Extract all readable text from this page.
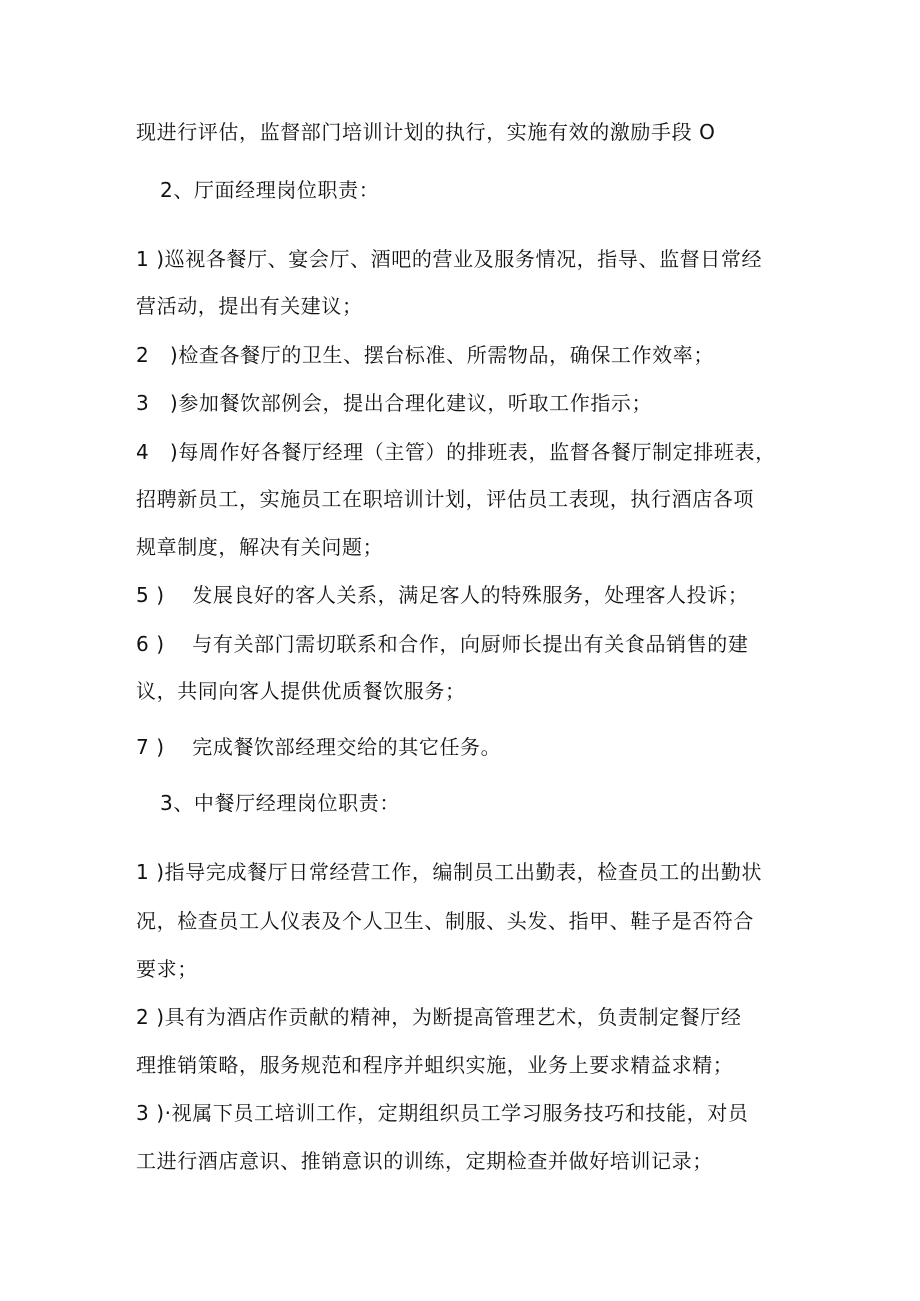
现进行评估，监督部门培训计划的执行，实施有效的激励手段 O
2、厅面经理岗位职责：
1 )巡视各餐厅、宴会厅、酒吧的营业及服务情况，指导、监督日常经
营活动，提出有关建议；
2　)检查各餐厅的卫生、摆台标准、所需物品，确保工作效率；
3　)参加餐饮部例会，提出合理化建议，听取工作指示；
4　)每周作好各餐厅经理（主管）的排班表，监督各餐厅制定排班表，
招聘新员工，实施员工在职培训计划，评估员工表现，执行酒店各项
规章制度，解决有关问题；
5 )　 发展良好的客人关系，满足客人的特殊服务，处理客人投诉；
6 )　 与有关部门需切联系和合作，向厨师长提出有关食品销售的建
议，共同向客人提供优质餐饮服务；
7 )　 完成餐饮部经理交给的其它任务。
3、中餐厅经理岗位职责：
1 )指导完成餐厅日常经营工作，编制员工出勤表，检查员工的出勤状
况，检查员工人仪表及个人卫生、制服、头发、指甲、鞋子是否符合
要求；
2 )具有为酒店作贡献的精神，为断提高管理艺术，负责制定餐厅经
理推销策略，服务规范和程序并蛆织实施，业务上要求精益求精；
3 )·视属下员工培训工作，定期组织员工学习服务技巧和技能，对员
工进行酒店意识、推销意识的训练，定期检查并做好培训记录；
